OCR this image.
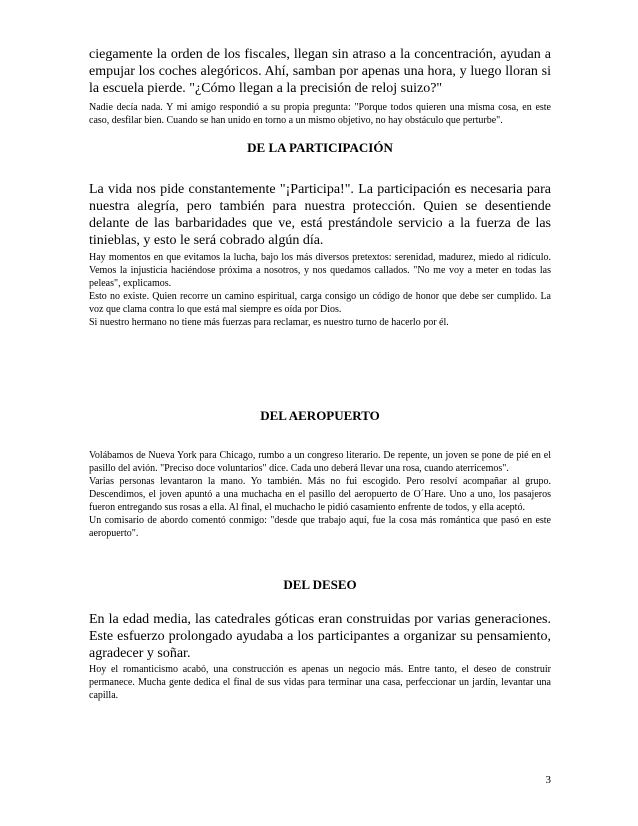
ciegamente la orden de los fiscales, llegan sin atraso a la concentración, ayudan a empujar los coches alegóricos. Ahí, samban por apenas una hora, y luego lloran si la escuela pierde. "¿Cómo llegan a la precisión de reloj suizo?"

Nadie decía nada. Y mi amigo respondió a su propia pregunta: "Porque todos quieren una misma cosa, en este caso, desfilar bien. Cuando se han unido en torno a un mismo objetivo, no hay obstáculo que perturbe".

DE LA PARTICIPACIÓN

La vida nos pide constantemente "¡Participa!". La participación es necesaria para nuestra alegría, pero también para nuestra protección. Quien se desentiende delante de las barbaridades que ve, está prestándole servicio a la fuerza de las tinieblas, y esto le será cobrado algún día.

Hay momentos en que evitamos la lucha, bajo los más diversos pretextos: serenidad, madurez, miedo al ridículo. Vemos la injusticia haciéndose próxima a nosotros, y nos quedamos callados. "No me voy a meter en todas las peleas", explicamos.

Esto no existe. Quien recorre un camino espiritual, carga consigo un código de honor que debe ser cumplido. La voz que clama contra lo que está mal siempre es oída por Dios.

Si nuestro hermano no tiene más fuerzas para reclamar, es nuestro turno de hacerlo por él.

DEL AEROPUERTO

Volábamos de Nueva York para Chicago, rumbo a un congreso literario. De repente, un joven se pone de pié en el pasillo del avión. "Preciso doce voluntarios" dice. Cada uno deberá llevar una rosa, cuando aterricemos".

Varias personas levantaron la mano. Yo también. Más no fui escogido. Pero resolví acompañar al grupo. Descendimos, el joven apuntó a una muchacha en el pasillo del aeropuerto de O´Hare. Uno a uno, los pasajeros fueron entregando sus rosas a ella. Al final, el muchacho le pidió casamiento enfrente de todos, y ella aceptó.

Un comisario de abordo comentó conmigo: "desde que trabajo aquí, fue la cosa más romántica que pasó en este aeropuerto".

DEL DESEO

En la edad media, las catedrales góticas eran construidas por varias generaciones. Este esfuerzo prolongado ayudaba a los participantes a organizar su pensamiento, agradecer y soñar.

Hoy el romanticismo acabó, una construcción es apenas un negocio más. Entre tanto, el deseo de construir permanece. Mucha gente dedica el final de sus vidas para terminar una casa, perfeccionar un jardín, levantar una capilla.

3
